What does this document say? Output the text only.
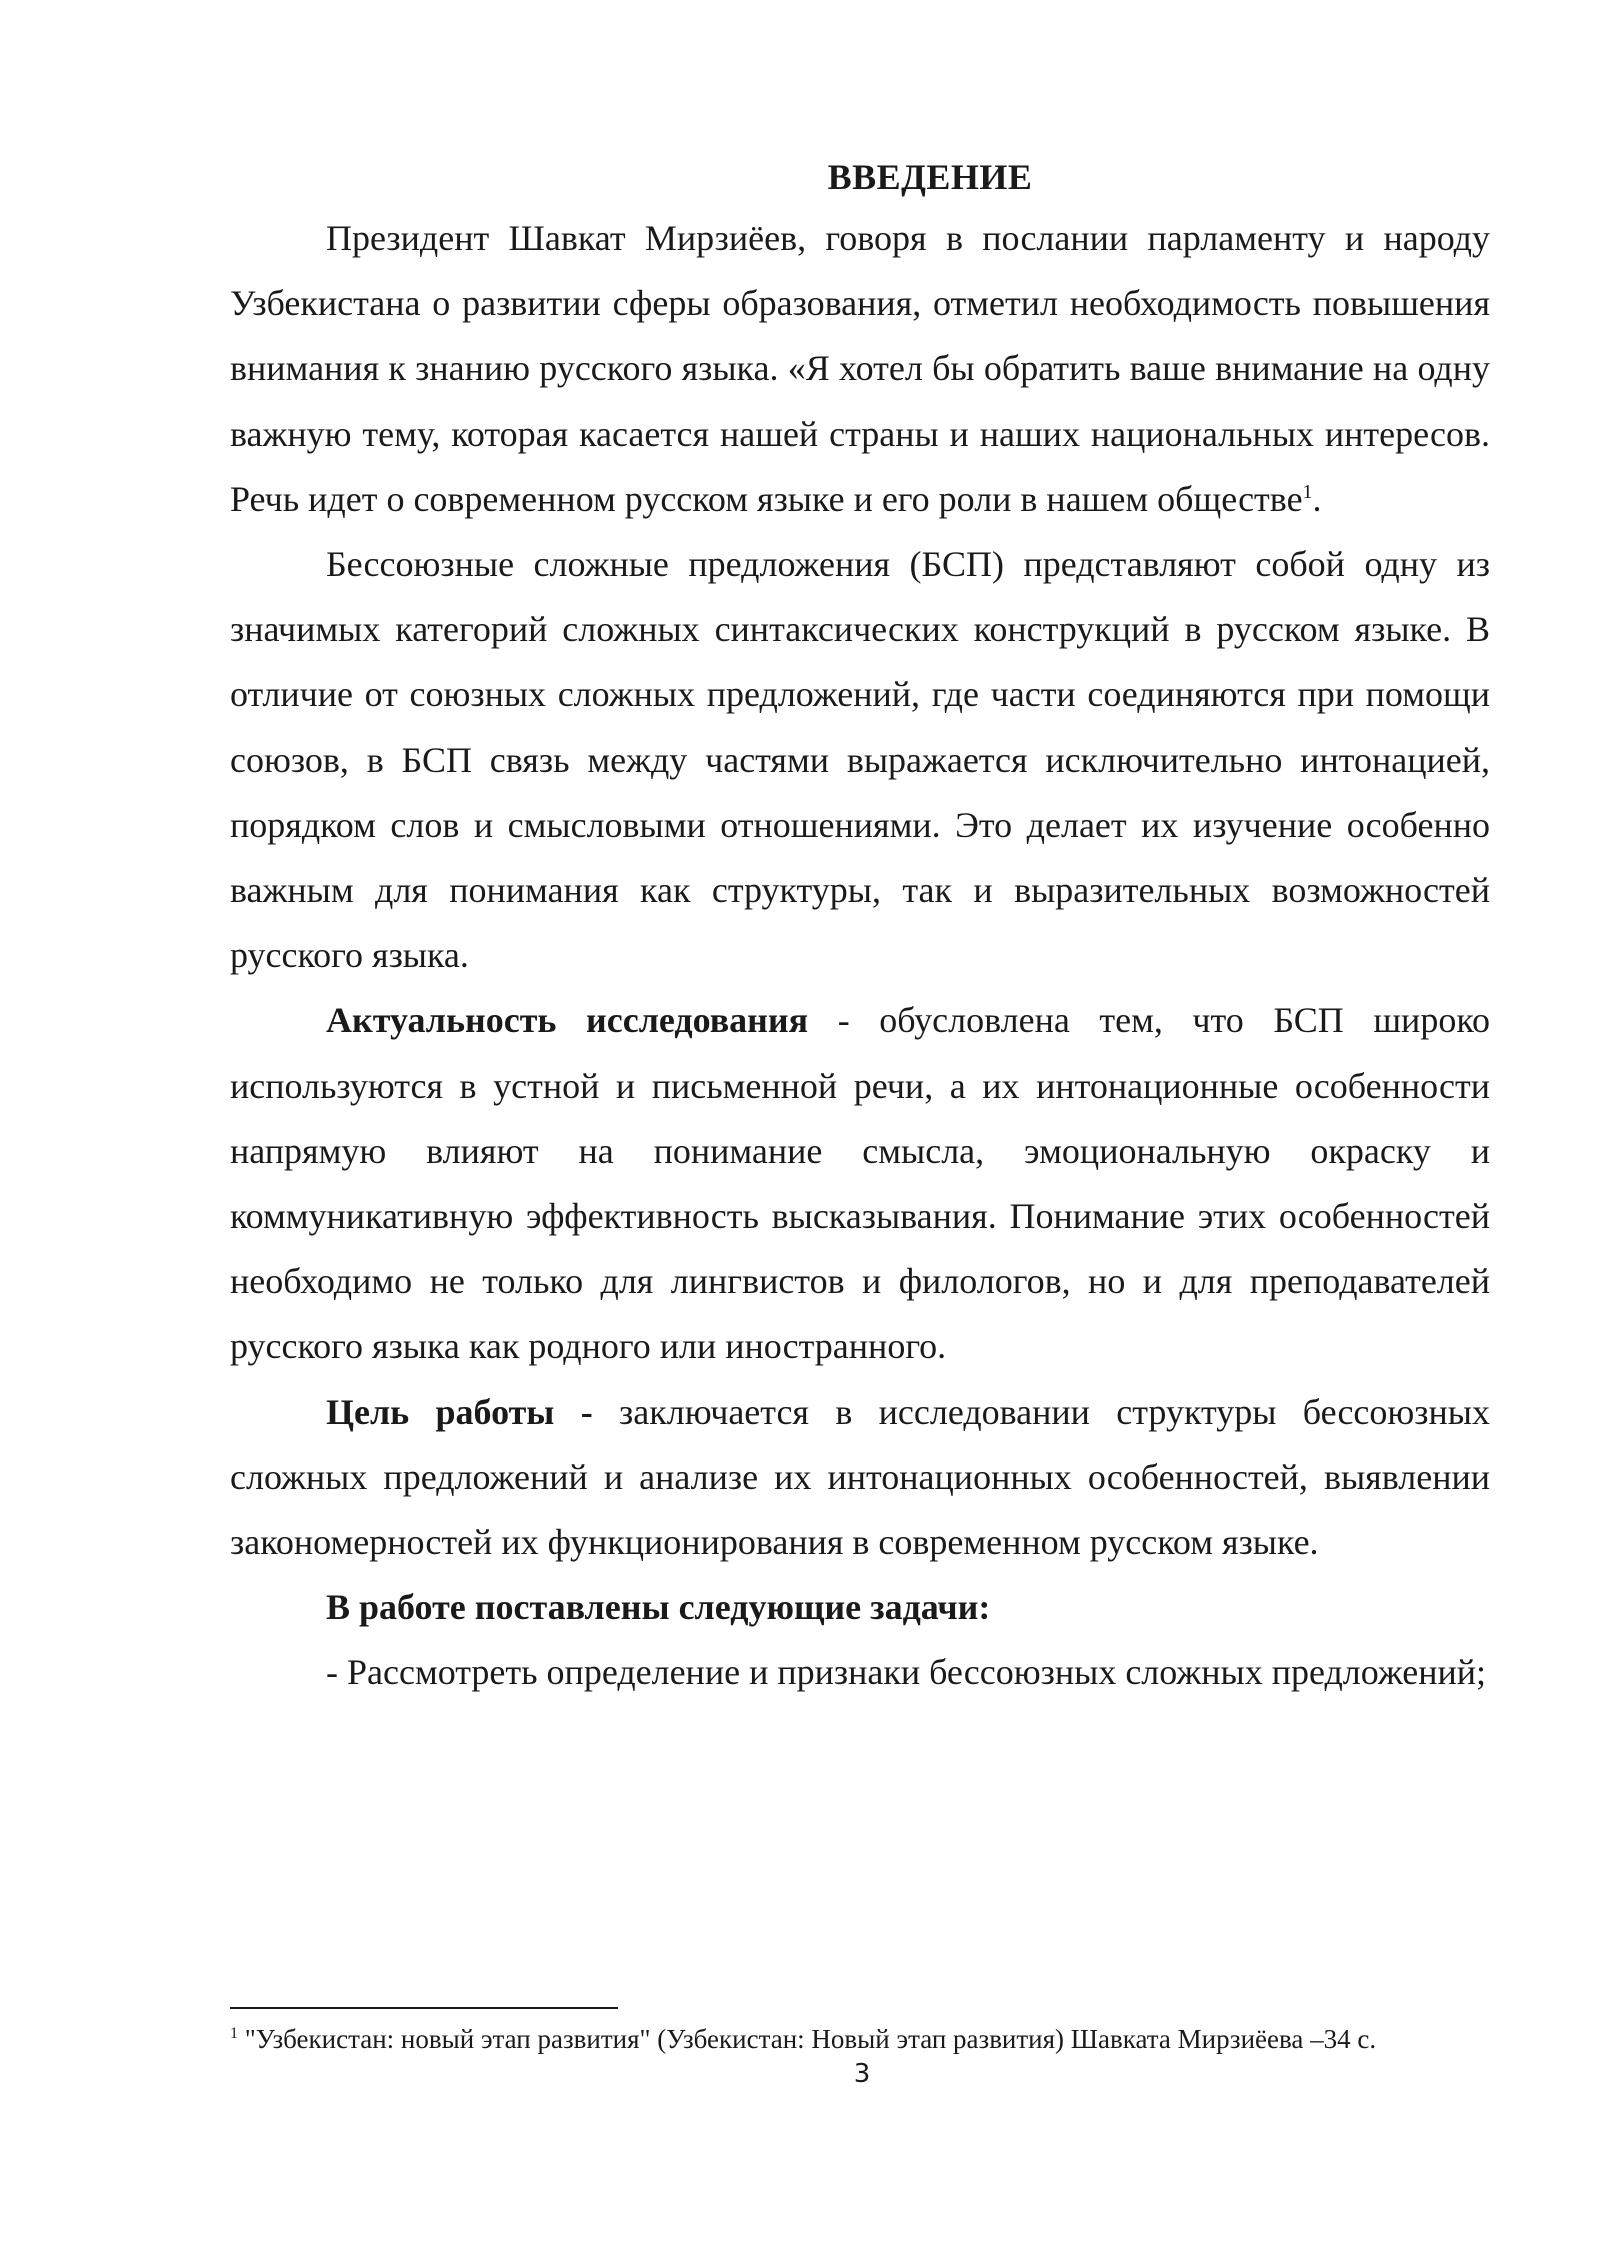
ВВЕДЕНИЕ

Президент Шавкат Мирзиёев, говоря в послании парламенту и народу Узбекистана о развитии сферы образования, отметил необходимость повышения внимания к знанию русского языка. «Я хотел бы обратить ваше внимание на одну важную тему, которая касается нашей страны и наших национальных интересов. Речь идет о современном русском языке и его роли в нашем обществе$^1$.

Бессоюзные сложные предложения (БСП) представляют собой одну из значимых категорий сложных синтаксических конструкций в русском языке. В отличие от союзных сложных предложений, где части соединяются при помощи союзов, в БСП связь между частями выражается исключительно интонацией, порядком слов и смысловыми отношениями. Это делает их изучение особенно важным для понимания как структуры, так и выразительных возможностей русского языка.

Актуальность исследования - обусловлена тем, что БСП широко используются в устной и письменной речи, а их интонационные особенности напрямую влияют на понимание смысла, эмоциональную окраску и коммуникативную эффективность высказывания. Понимание этих особенностей необходимо не только для лингвистов и филологов, но и для преподавателей русского языка как родного или иностранного.

Цель работы - заключается в исследовании структуры бессоюзных сложных предложений и анализе их интонационных особенностей, выявлении закономерностей их функционирования в современном русском языке.

В работе поставлены следующие задачи:

- Рассмотреть определение и признаки бессоюзных сложных предложений;

$^1$ "Узбекистан: новый этап развития" (Узбекистан: Новый этап развития) Шавката Мирзиёева –34 с.

3
